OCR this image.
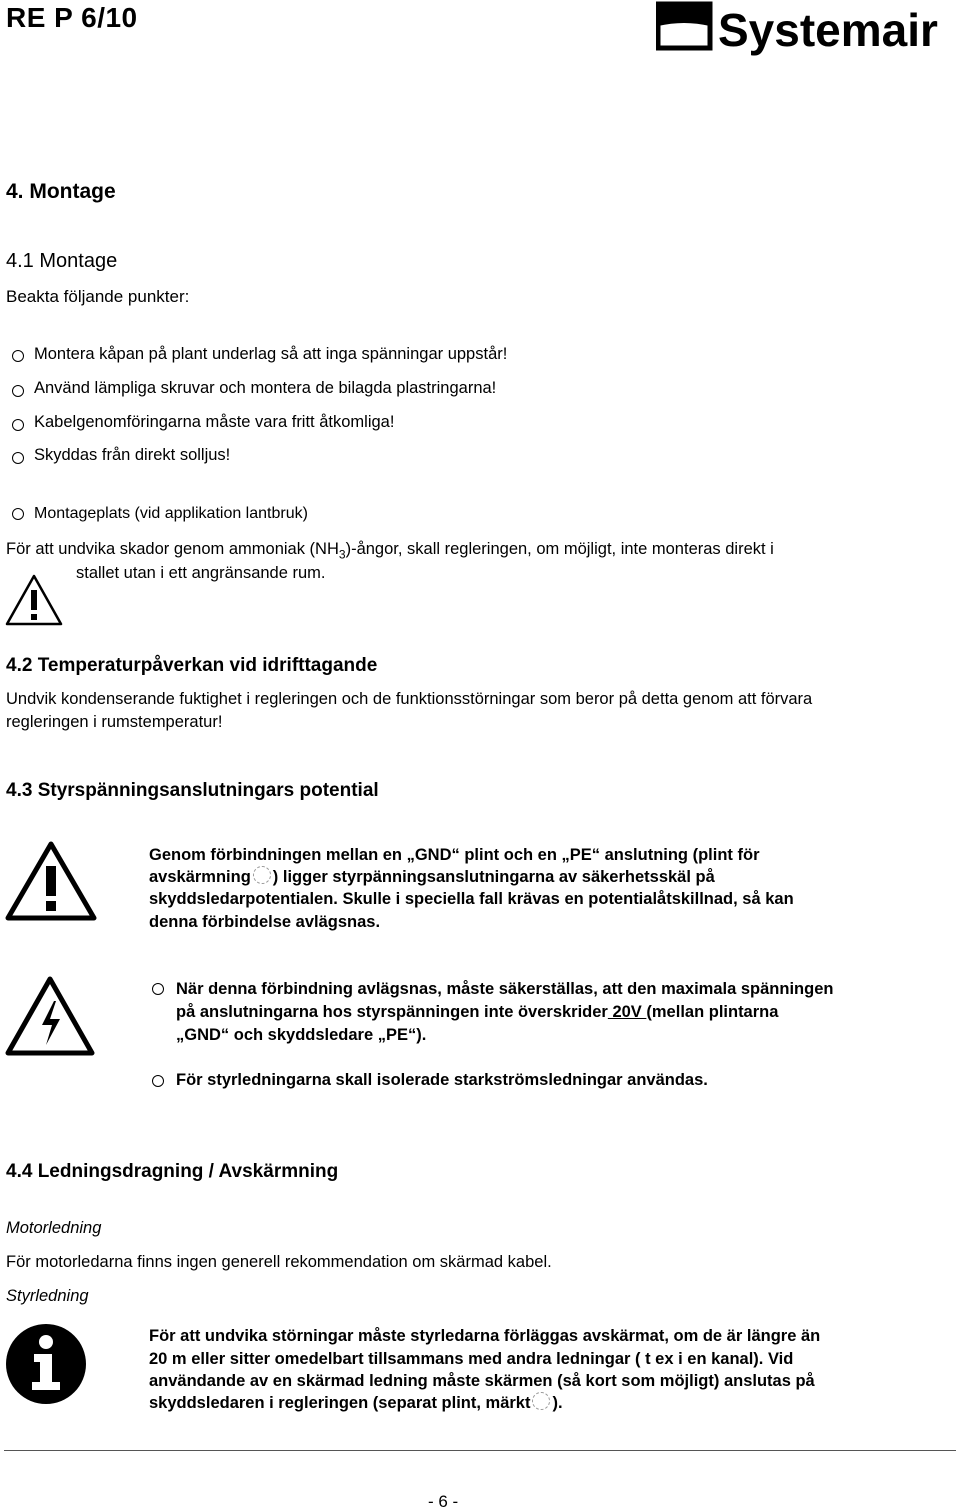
RE P 6/10	Systemair
4. Montage
4.1 Montage
Beakta följande punkter:
Montera kåpan på plant underlag så att inga spänningar uppstår!
Använd lämpliga skruvar och montera de bilagda plastringarna!
Kabelgenomföringarna måste vara fritt åtkomliga!
Skyddas från direkt solljus!
Montageplats (vid applikation lantbruk)
För att undvika skador genom ammoniak $(NH_3)$-ångor, skall regleringen, om möjligt, inte monteras direkt i
stallet utan i ett angränsande rum.
4.2 Temperaturpåverkan vid idrifttagande
Undvik kondenserande fuktighet i regleringen och de funktionsstörningar som beror på detta genom att förvara
regleringen i rumstemperatur!
4.3 Styrspänningsanslutningars potential
Genom förbindningen mellan en „GND“ plint och en „PE“ anslutning (plint för
avskärmning ) ligger styrpänningsanslutningarna av säkerhetsskäl på
skyddsledarpotentialen. Skulle i speciella fall krävas en potentialåtskillnad, så kan
denna förbindelse avlägsnas.
När denna förbindning avlägsnas, måste säkerställas, att den maximala spänningen
på anslutningarna hos styrspänningen inte överskrider 20V (mellan plintarna
„GND“ och skyddsledare „PE“).
För styrledningarna skall isolerade starkströmsledningar användas.
4.4 Ledningsdragning / Avskärmning
Motorledning
För motorledarna finns ingen generell rekommendation om skärmad kabel.
Styrledning
För att undvika störningar måste styrledarna förläggas avskärmat, om de är längre än
20 m eller sitter omedelbart tillsammans med andra ledningar ( t ex i en kanal). Vid
användande av en skärmad ledning måste skärmen (så kort som möjligt) anslutas på
skyddsledaren i regleringen (separat plint, märkt ).
- 6 -
